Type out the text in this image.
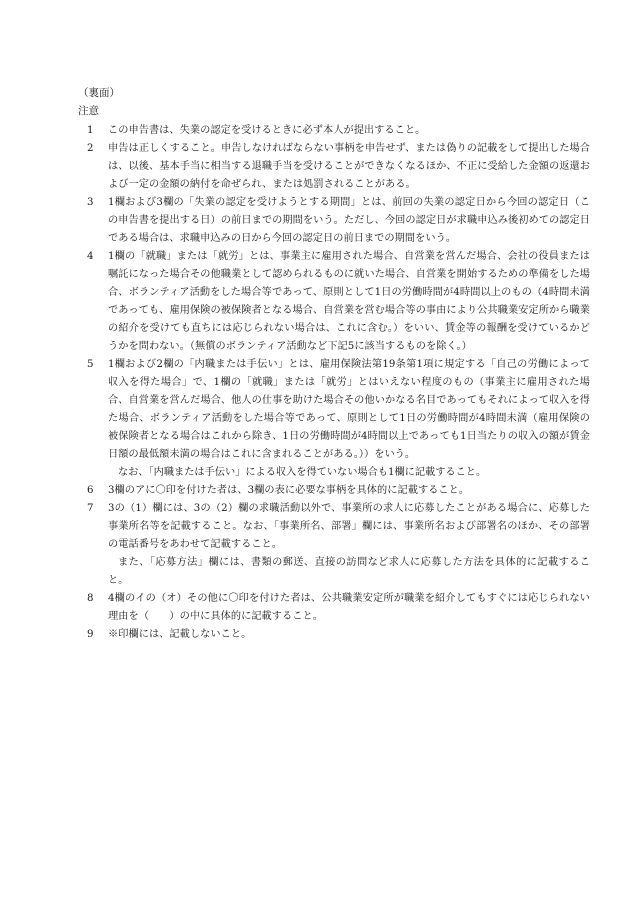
（裏面）
注意
1	この申告書は、失業の認定を受けるときに必ず本人が提出すること。
2	申告は正しくすること。申告しなければならない事柄を申告せず、または偽りの記載をして提出した場合は、以後、基本手当に相当する退職手当を受けることができなくなるほか、不正に受給した金額の返還および一定の金額の納付を命ぜられ、または処罰されることがある。
3	1欄および3欄の「失業の認定を受けようとする期間」とは、前回の失業の認定日から今回の認定日（この申告書を提出する日）の前日までの期間をいう。ただし、今回の認定日が求職申込み後初めての認定日である場合は、求職申込みの日から今回の認定日の前日までの期間をいう。
4	1欄の「就職」または「就労」とは、事業主に雇用された場合、自営業を営んだ場合、会社の役員または嘱託になった場合その他職業として認められるものに就いた場合、自営業を開始するための準備をした場合、ボランティア活動をした場合等であって、原則として1日の労働時間が4時間以上のもの（4時間未満であっても、雇用保険の被保険者となる場合、自営業を営む場合等の事由により公共職業安定所から職業の紹介を受けても直ちには応じられない場合は、これに含む。）をいい、賃金等の報酬を受けているかどうかを問わない。（無償のボランティア活動など下記5に該当するものを除く。）
5	1欄および2欄の「内職または手伝い」とは、雇用保険法第19条第1項に規定する「自己の労働によって収入を得た場合」で、1欄の「就職」または「就労」とはいえない程度のもの（事業主に雇用された場合、自営業を営んだ場合、他人の仕事を助けた場合その他いかなる名目であってもそれによって収入を得た場合、ボランティア活動をした場合等であって、原則として1日の労働時間が4時間未満（雇用保険の被保険者となる場合はこれから除き、1日の労働時間が4時間以上であっても1日当たりの収入の額が賃金日額の最低額未満の場合はこれに含まれることがある。））をいう。
なお、「内職または手伝い」による収入を得ていない場合も1欄に記載すること。
6	3欄のアに〇印を付けた者は、3欄の表に必要な事柄を具体的に記載すること。
7	3の（1）欄には、3の（2）欄の求職活動以外で、事業所の求人に応募したことがある場合に、応募した事業所名等を記載すること。なお、「事業所名、部署」欄には、事業所名および部署名のほか、その部署の電話番号をあわせて記載すること。
また、「応募方法」欄には、書類の郵送、直接の訪問など求人に応募した方法を具体的に記載すること。
8	4欄のイの（オ）その他に〇印を付けた者は、公共職業安定所が職業を紹介してもすぐには応じられない理由を（　　）の中に具体的に記載すること。
9	※印欄には、記載しないこと。
